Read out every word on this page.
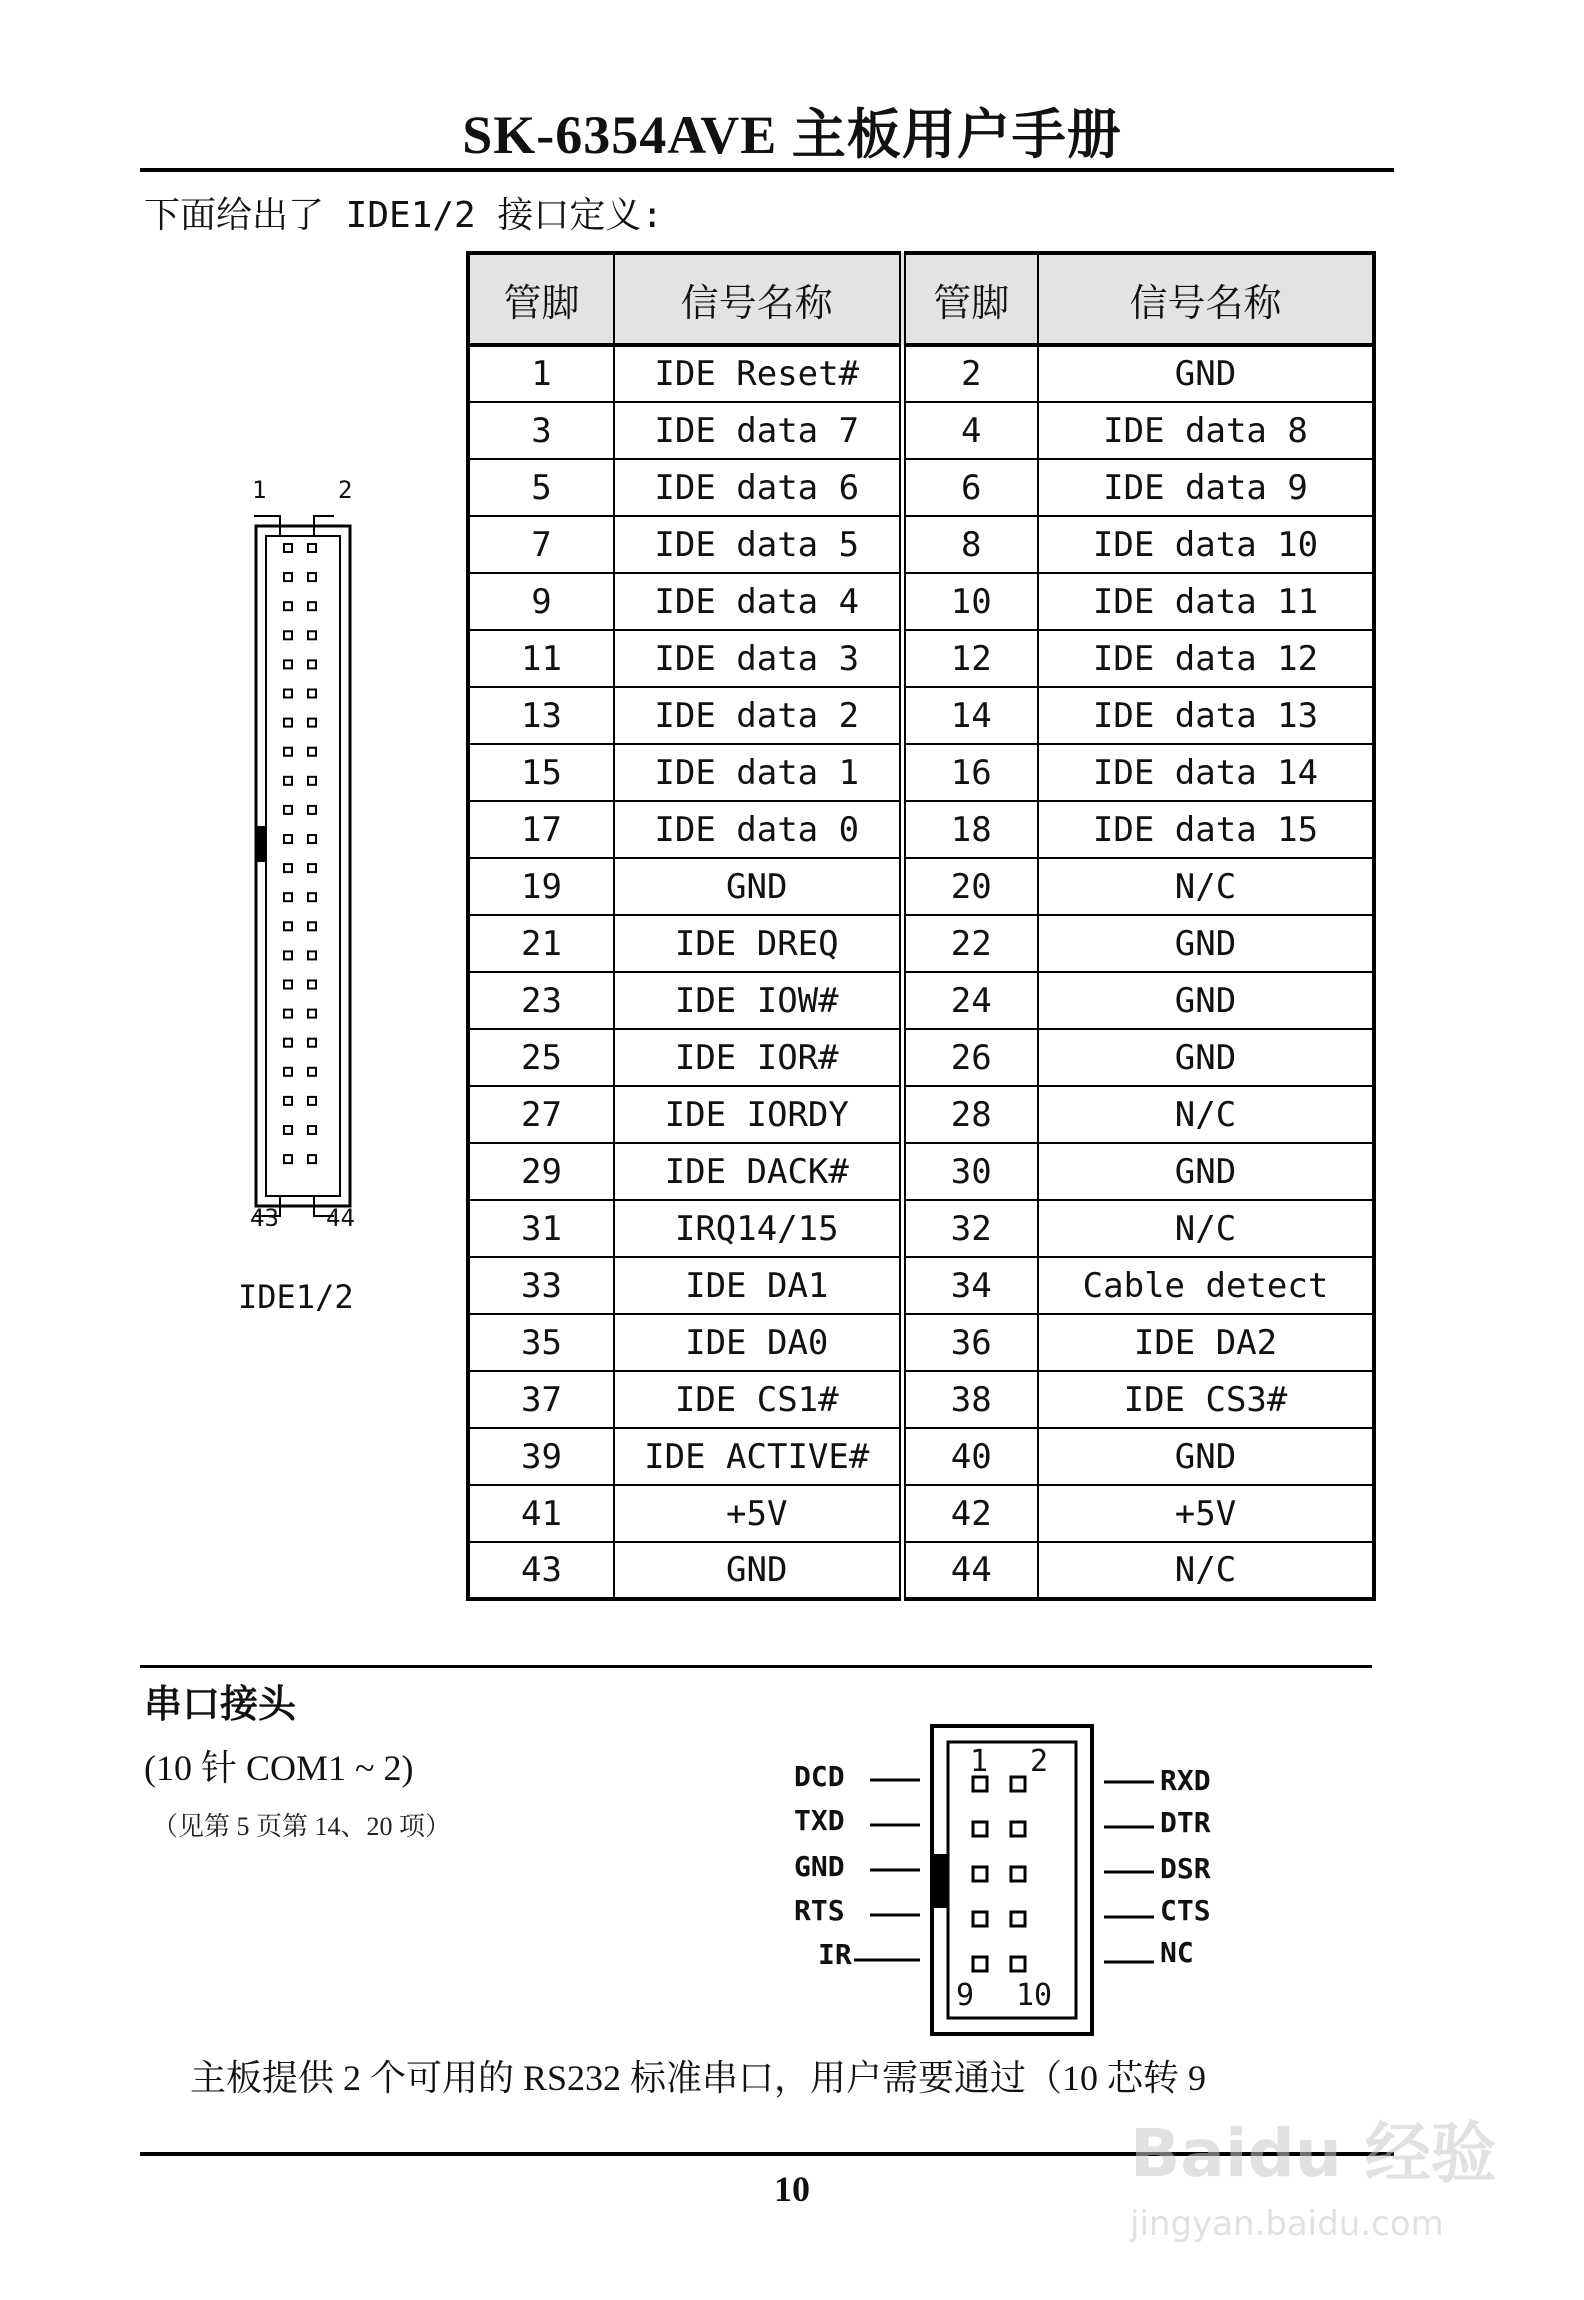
SK-6354AVE 主板用户手册
下面给出了 IDE1/2 接口定义:
1	2
43 44
IDE1/2
管脚	信号名称	管脚	信号名称
1	IDE Reset#	2	GND
3	IDE data 7	4	IDE data 8
5	IDE data 6	6	IDE data 9
7	IDE data 5	8	IDE data 10
9	IDE data 4	10	IDE data 11
11	IDE data 3	12	IDE data 12
13	IDE data 2	14	IDE data 13
15	IDE data 1	16	IDE data 14
17	IDE data 0	18	IDE data 15
19	GND	20	N/C
21	IDE DREQ	22	GND
23	IDE IOW#	24	GND
25	IDE IOR#	26	GND
27	IDE IORDY	28	N/C
29	IDE DACK#	30	GND
31	IRQ14/15	32	N/C
33	IDE DA1	34	Cable detect
35	IDE DA0	36	IDE DA2
37	IDE CS1#	38	IDE CS3#
39	IDE ACTIVE#	40	GND
41	+5V	42	+5V
43	GND	44	N/C
串口接头
(10 针 COM1 ~ 2)
（见第 5 页第 14、20 项）
1 2
9 10
DCD
TXD
GND
RTS
IR
RXD
DTR
DSR
CTS
NC
主板提供 2 个可用的 RS232 标准串口，用户需要通过（10 芯转 9
10	Baidu 经验
jingyan.baidu.com
